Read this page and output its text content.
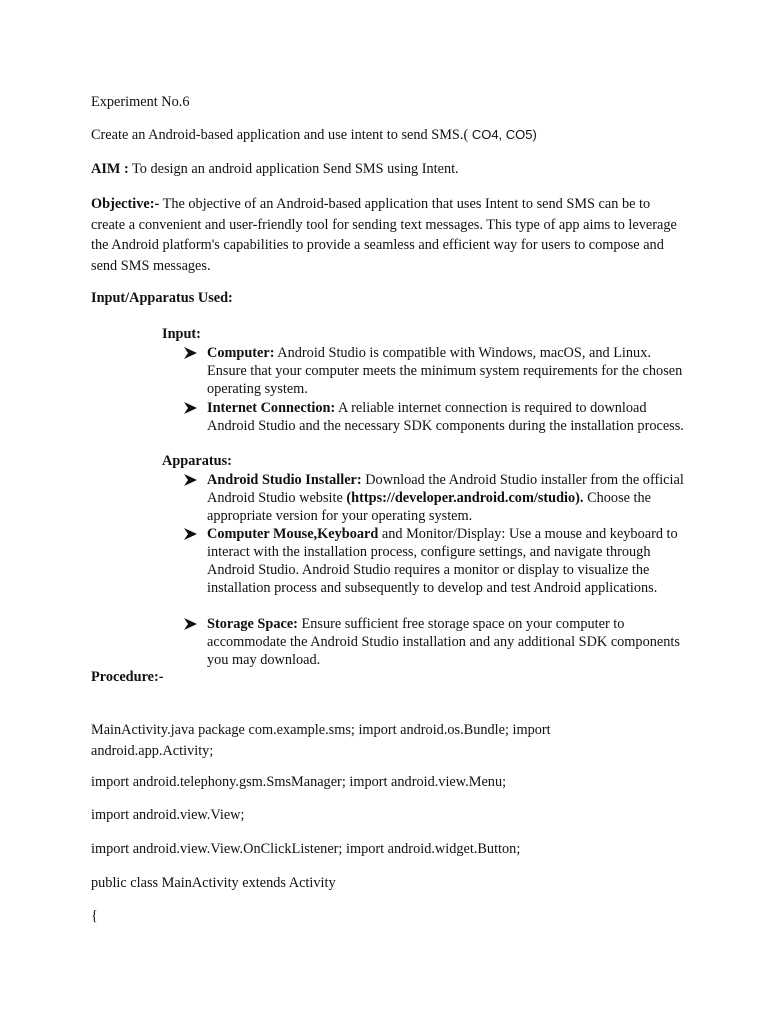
Experiment No.6
Create an Android-based application and use intent to send SMS.( CO4, CO5)
AIM : To design an android application Send SMS using Intent.
Objective:- The objective of an Android-based application that uses Intent to send SMS can be to create a convenient and user-friendly tool for sending text messages. This type of app aims to leverage the Android platform's capabilities to provide a seamless and efficient way for users to compose and send SMS messages.
Input/Apparatus Used:
Input:
Computer: Android Studio is compatible with Windows, macOS, and Linux. Ensure that your computer meets the minimum system requirements for the chosen operating system.
Internet Connection: A reliable internet connection is required to download Android Studio and the necessary SDK components during the installation process.
Apparatus:
Android Studio Installer: Download the Android Studio installer from the official Android Studio website (https://developer.android.com/studio). Choose the appropriate version for your operating system.
Computer Mouse,Keyboard and Monitor/Display: Use a mouse and keyboard to interact with the installation process, configure settings, and navigate through Android Studio. Android Studio requires a monitor or display to visualize the installation process and subsequently to develop and test Android applications.
Storage Space: Ensure sufficient free storage space on your computer to accommodate the Android Studio installation and any additional SDK components you may download.
Procedure:-
MainActivity.java package com.example.sms; import android.os.Bundle; import android.app.Activity;
import android.telephony.gsm.SmsManager; import android.view.Menu;
import android.view.View;
import android.view.View.OnClickListener; import android.widget.Button;
public class MainActivity extends Activity
{
